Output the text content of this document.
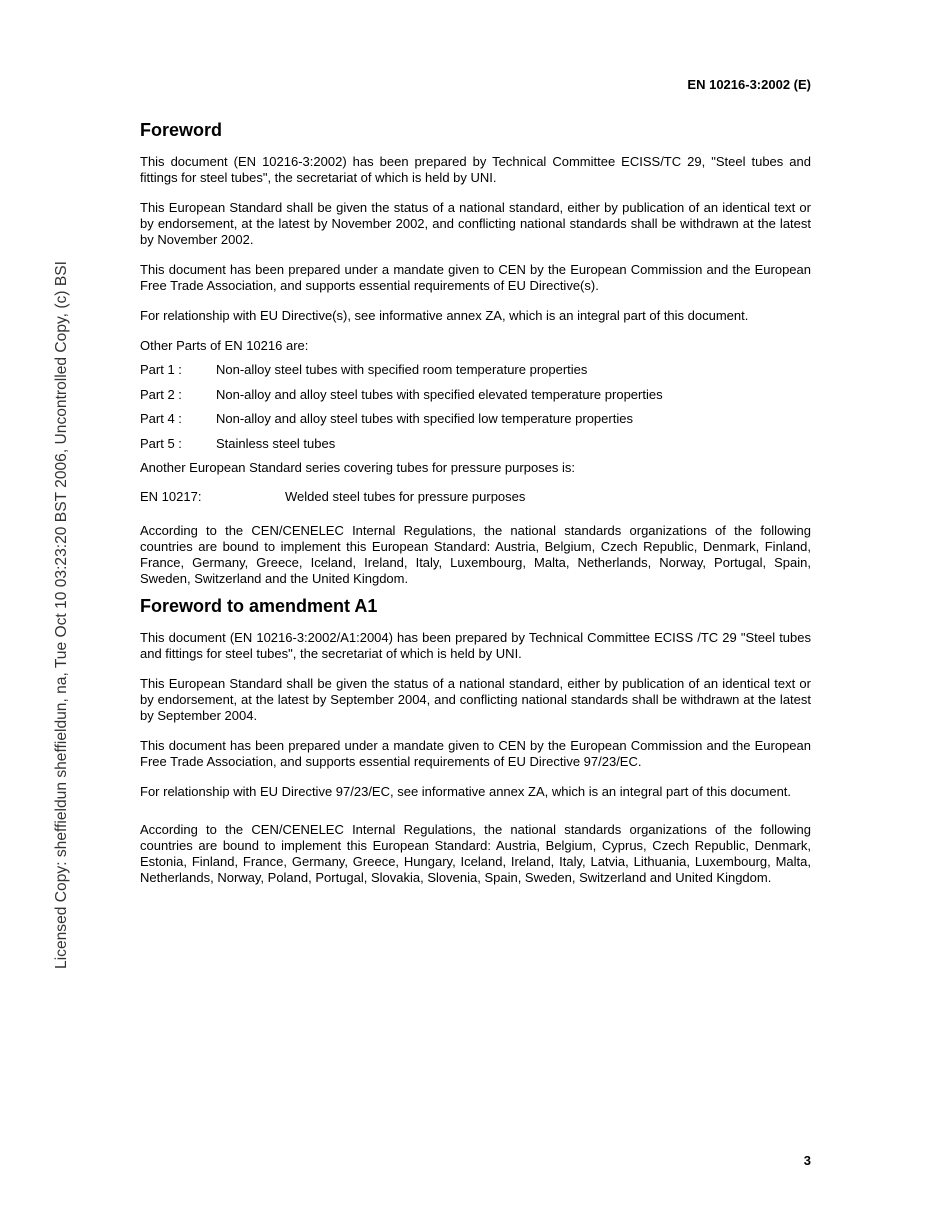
Licensed Copy: sheffieldun sheffieldun, na, Tue Oct 10 03:23:20 BST 2006, Uncontrolled Copy, (c) BSI
EN 10216-3:2002 (E)
Foreword

This document (EN 10216-3:2002) has been prepared by Technical Committee ECISS/TC 29, "Steel tubes and fittings for steel tubes", the secretariat of which is held by UNI.

This European Standard shall be given the status of a national standard, either by publication of an identical text or by endorsement, at the latest by November 2002, and conflicting national standards shall be withdrawn at the latest by November 2002.

This document has been prepared under a mandate given to CEN by the European Commission and the European Free Trade Association, and supports essential requirements of EU Directive(s).

For relationship with EU Directive(s), see informative annex ZA, which is an integral part of this document.

Other Parts of EN 10216 are:

Part 1 :	Non-alloy steel tubes with specified room temperature properties
Part 2 :	Non-alloy and alloy steel tubes with specified elevated temperature properties
Part 4 :	Non-alloy and alloy steel tubes with specified low temperature properties
Part 5 :	Stainless steel tubes

Another European Standard series covering tubes for pressure purposes is:

EN 10217:	Welded steel tubes for pressure purposes

According to the CEN/CENELEC Internal Regulations, the national standards organizations of the following countries are bound to implement this European Standard: Austria, Belgium, Czech Republic, Denmark, Finland, France, Germany, Greece, Iceland, Ireland, Italy, Luxembourg, Malta, Netherlands, Norway, Portugal, Spain, Sweden, Switzerland and the United Kingdom.

Foreword to amendment A1

This document (EN 10216-3:2002/A1:2004) has been prepared by Technical Committee ECISS /TC 29 "Steel tubes and fittings for steel tubes", the secretariat of which is held by UNI.

This European Standard shall be given the status of a national standard, either by publication of an identical text or by endorsement, at the latest by September 2004, and conflicting national standards shall be withdrawn at the latest by September 2004.

This document has been prepared under a mandate given to CEN by the European Commission and the European Free Trade Association, and supports essential requirements of EU Directive 97/23/EC.

For relationship with EU Directive 97/23/EC, see informative annex ZA, which is an integral part of this document.

According to the CEN/CENELEC Internal Regulations, the national standards organizations of the following countries are bound to implement this European Standard: Austria, Belgium, Cyprus, Czech Republic, Denmark, Estonia, Finland, France, Germany, Greece, Hungary, Iceland, Ireland, Italy, Latvia, Lithuania, Luxembourg, Malta, Netherlands, Norway, Poland, Portugal, Slovakia, Slovenia, Spain, Sweden, Switzerland and United Kingdom.

3
